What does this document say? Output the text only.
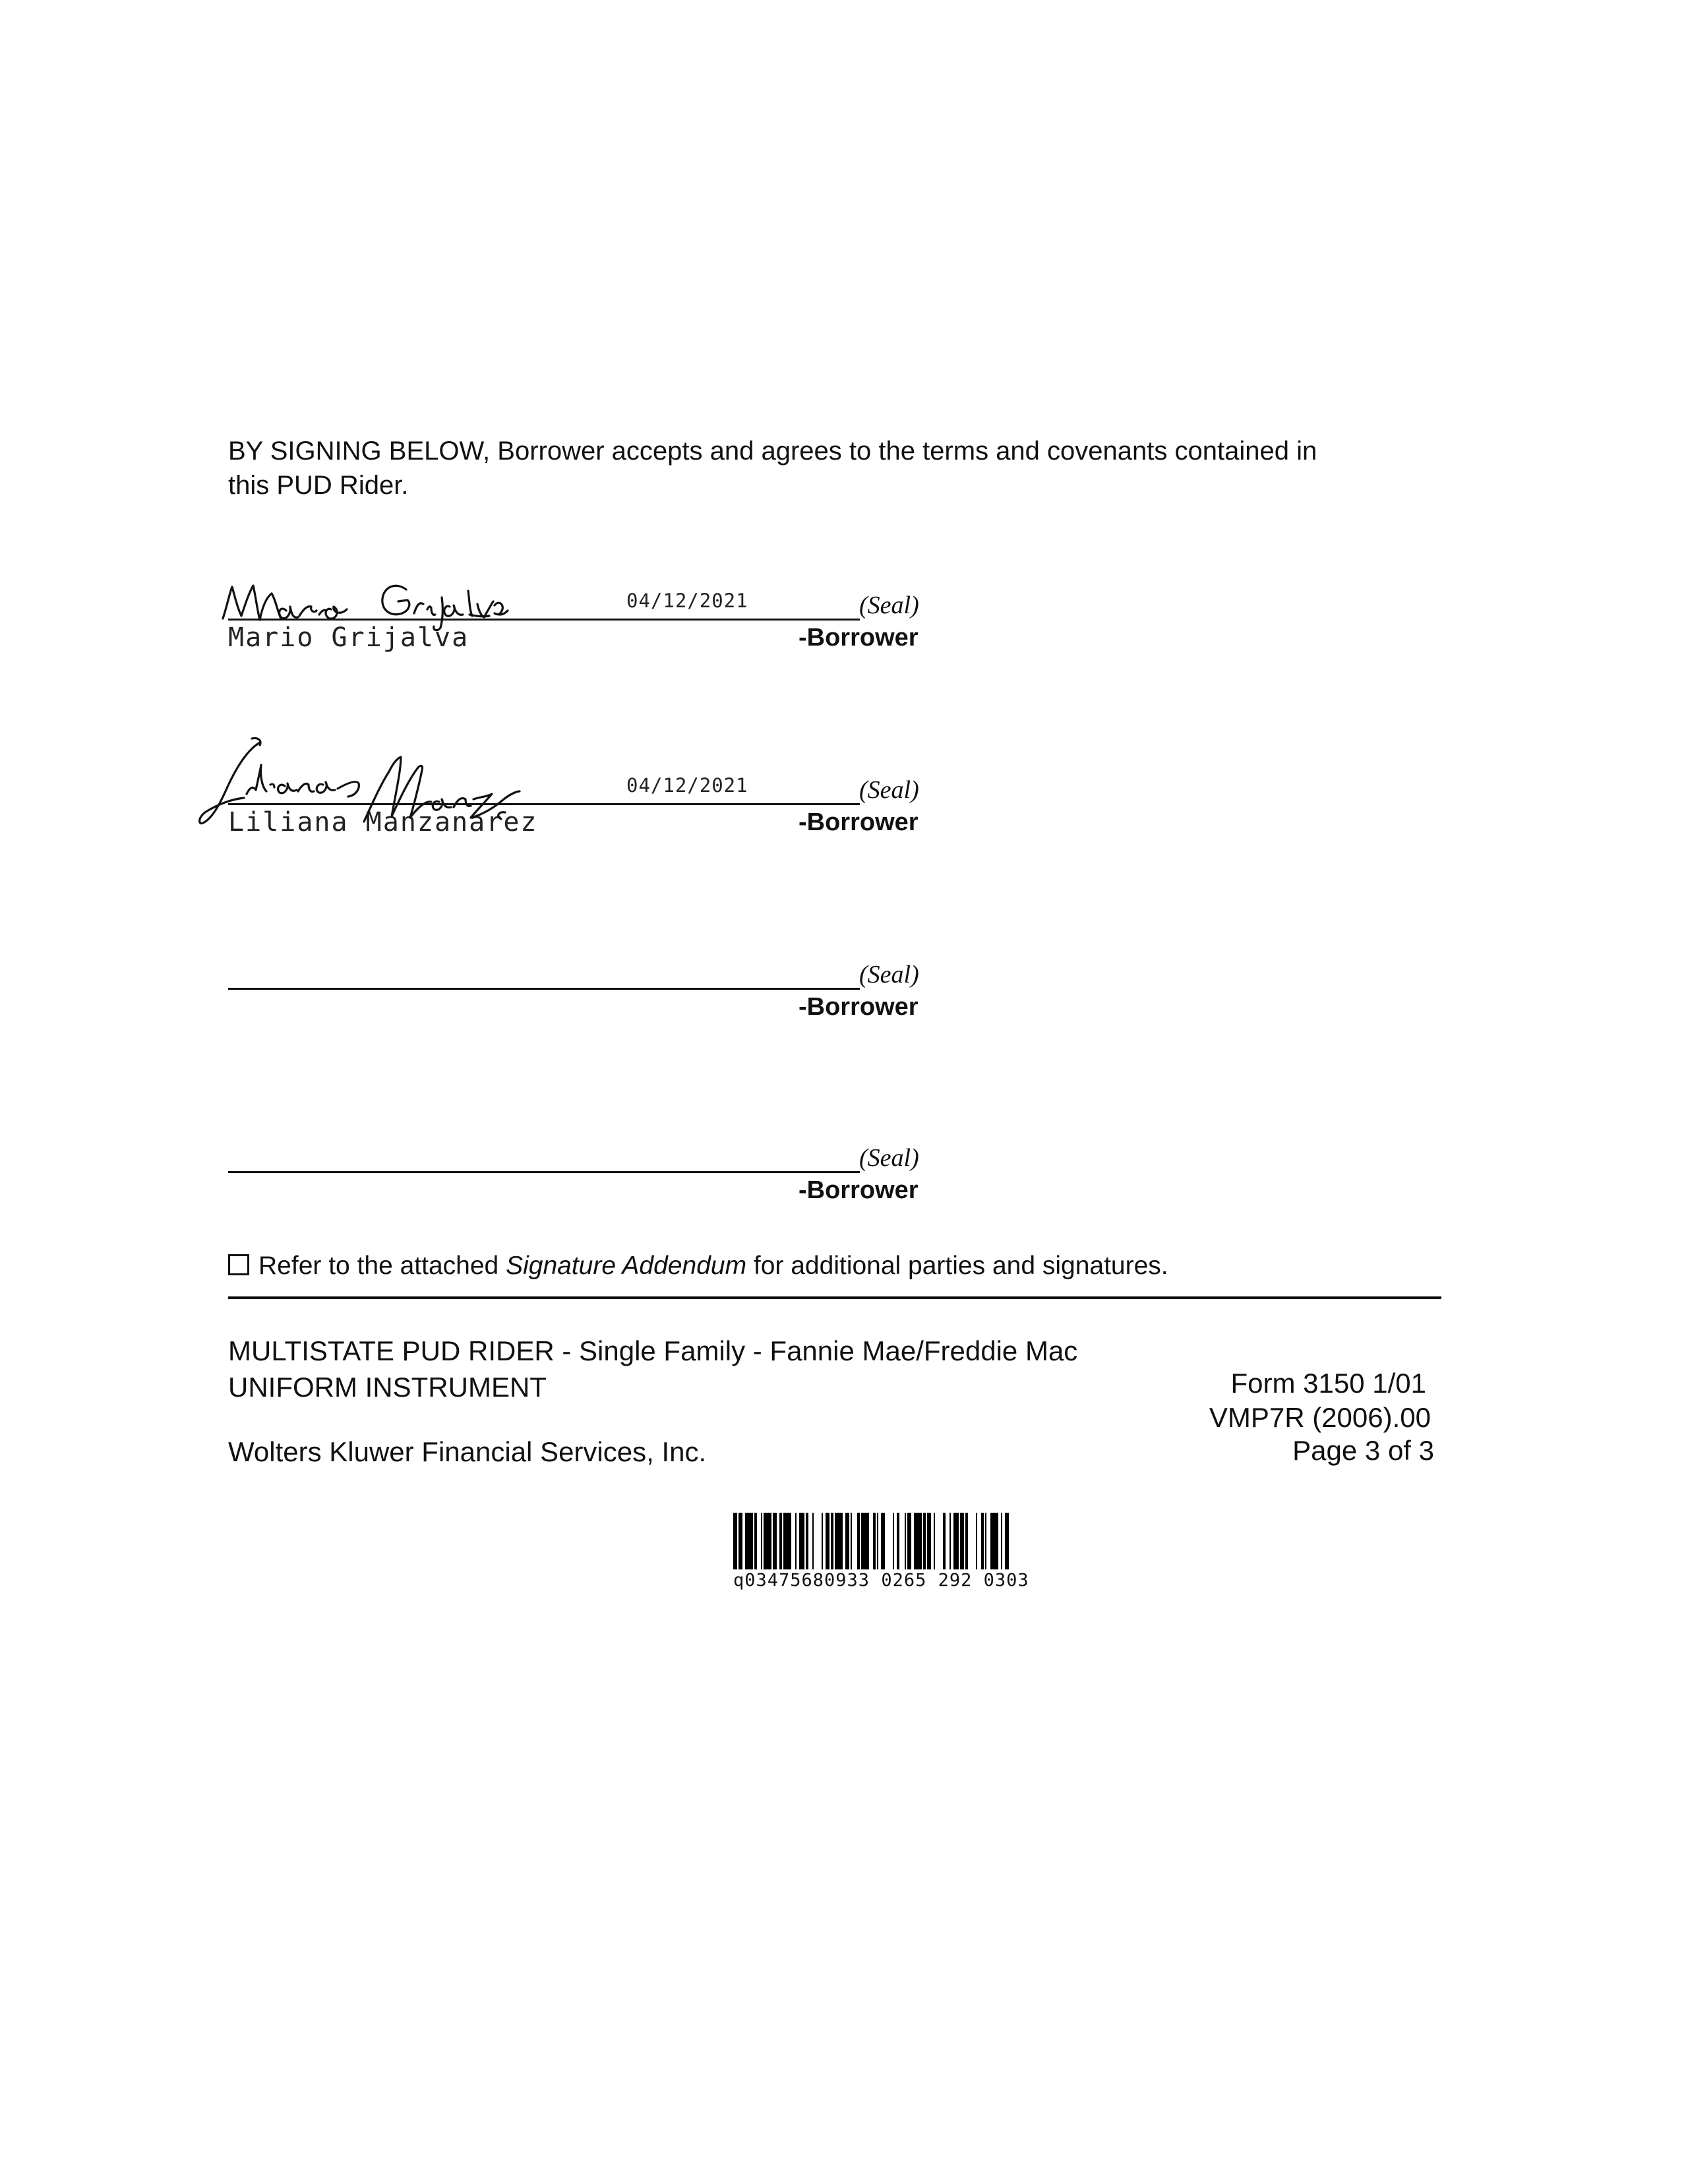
BY SIGNING BELOW, Borrower accepts and agrees to the terms and covenants contained in
this PUD Rider.
04/12/2021	(Seal)
Mario Grijalva	-Borrower
04/12/2021	(Seal)
Liliana Manzanarez	-Borrower
(Seal)
-Borrower
(Seal)
-Borrower
Refer to the attached Signature Addendum for additional parties and signatures.
MULTISTATE PUD RIDER - Single Family - Fannie Mae/Freddie Mac
UNIFORM INSTRUMENT	Form 3150 1/01
VMP7R (2006).00
Wolters Kluwer Financial Services, Inc.	Page 3 of 3
q03475680933 0265 292 0303
